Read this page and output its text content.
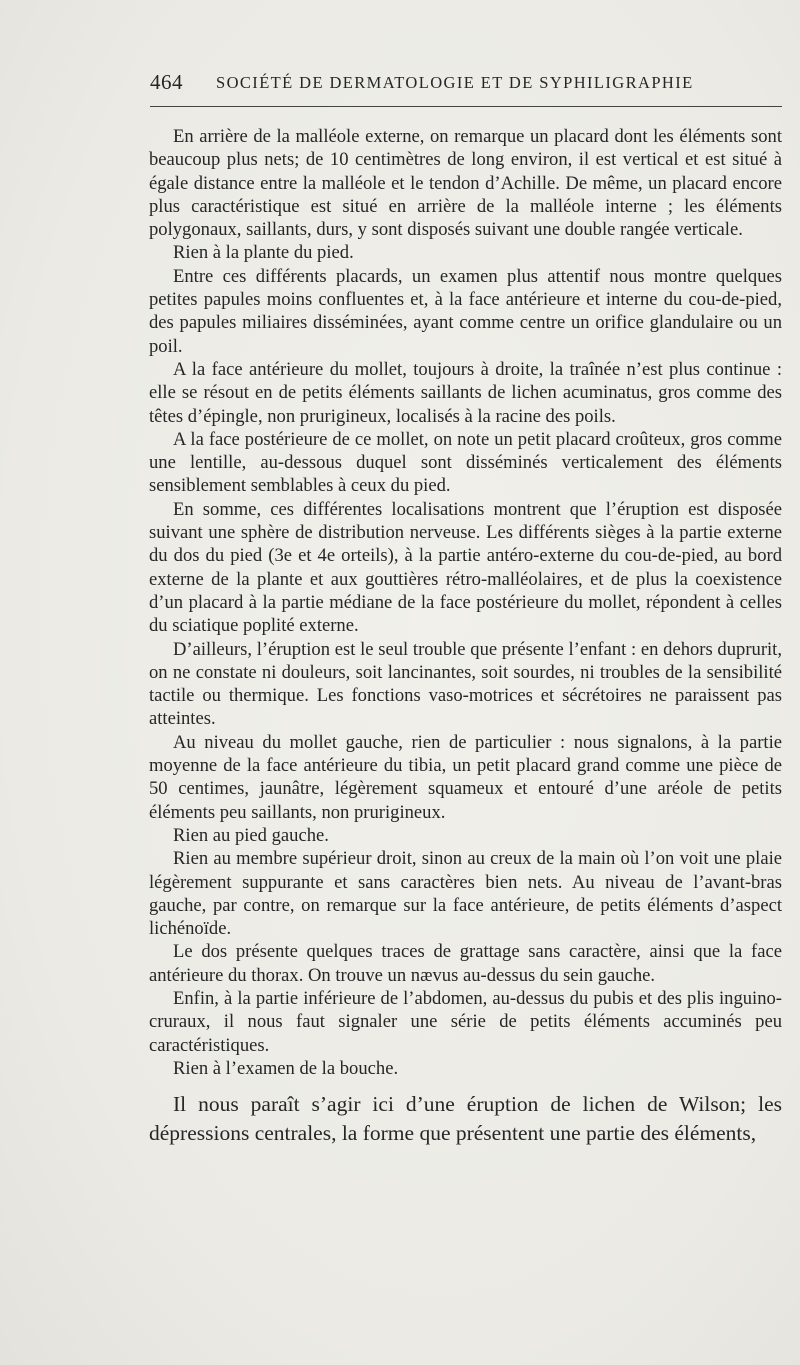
464 SOCIÉTÉ DE DERMATOLOGIE ET DE SYPHILIGRAPHIE

En arrière de la malléole externe, on remarque un placard dont les éléments sont beaucoup plus nets; de 10 centimètres de long environ, il est vertical et est situé à égale distance entre la malléole et le tendon d’Achille. De même, un placard encore plus caractéristique est situé en arrière de la malléole interne ; les éléments polygonaux, saillants, durs, y sont disposés suivant une double rangée verticale.

Rien à la plante du pied.

Entre ces différents placards, un examen plus attentif nous montre quelques petites papules moins confluentes et, à la face antérieure et interne du cou-de-pied, des papules miliaires disséminées, ayant comme centre un orifice glandulaire ou un poil.

A la face antérieure du mollet, toujours à droite, la traînée n’est plus continue : elle se résout en de petits éléments saillants de lichen acuminatus, gros comme des têtes d’épingle, non prurigineux, localisés à la racine des poils.

A la face postérieure de ce mollet, on note un petit placard croûteux, gros comme une lentille, au-dessous duquel sont disséminés verticalement des éléments sensiblement semblables à ceux du pied.

En somme, ces différentes localisations montrent que l’éruption est disposée suivant une sphère de distribution nerveuse. Les différents sièges à la partie externe du dos du pied (3e et 4e orteils), à la partie antéro-externe du cou-de-pied, au bord externe de la plante et aux gouttières rétro-malléolaires, et de plus la coexistence d’un placard à la partie médiane de la face postérieure du mollet, répondent à celles du sciatique poplité externe.

D’ailleurs, l’éruption est le seul trouble que présente l’enfant : en dehors duprurit, on ne constate ni douleurs, soit lancinantes, soit sourdes, ni troubles de la sensibilité tactile ou thermique. Les fonctions vaso-motrices et sécrétoires ne paraissent pas atteintes.

Au niveau du mollet gauche, rien de particulier : nous signalons, à la partie moyenne de la face antérieure du tibia, un petit placard grand comme une pièce de 50 centimes, jaunâtre, légèrement squameux et entouré d’une aréole de petits éléments peu saillants, non prurigineux.

Rien au pied gauche.

Rien au membre supérieur droit, sinon au creux de la main où l’on voit une plaie légèrement suppurante et sans caractères bien nets. Au niveau de l’avant-bras gauche, par contre, on remarque sur la face antérieure, de petits éléments d’aspect lichénoïde.

Le dos présente quelques traces de grattage sans caractère, ainsi que la face antérieure du thorax. On trouve un nævus au-dessus du sein gauche.

Enfin, à la partie inférieure de l’abdomen, au-dessus du pubis et des plis inguino-cruraux, il nous faut signaler une série de petits éléments accuminés peu caractéristiques.

Rien à l’examen de la bouche.

Il nous paraît s’agir ici d’une éruption de lichen de Wilson; les dépressions centrales, la forme que présentent une partie des éléments,
